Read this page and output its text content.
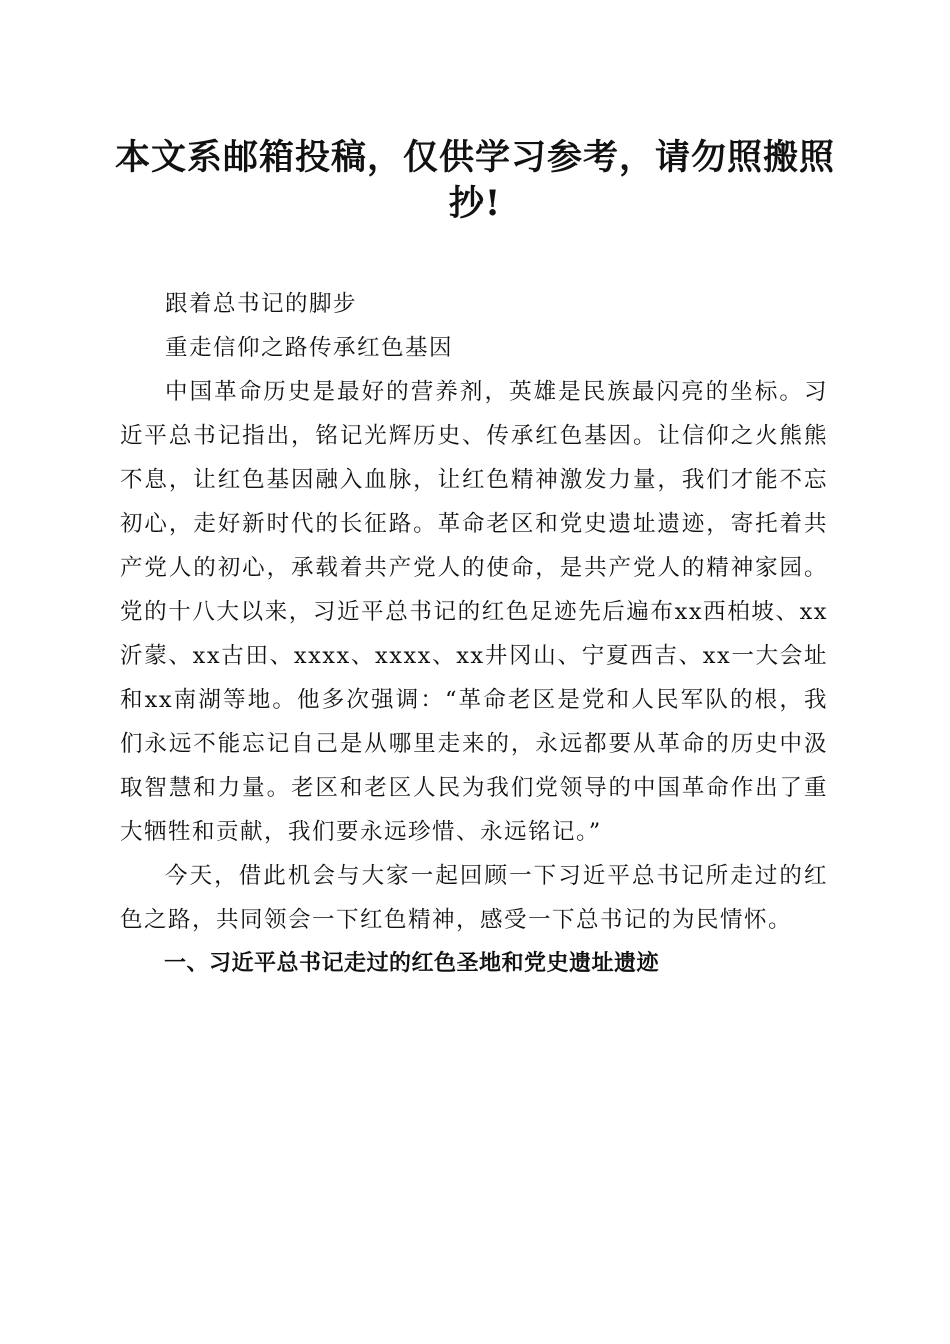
本文系邮箱投稿，仅供学习参考，请勿照搬照抄!

跟着总书记的脚步

重走信仰之路传承红色基因

中国革命历史是最好的营养剂，英雄是民族最闪亮的坐标。习近平总书记指出，铭记光辉历史、传承红色基因。让信仰之火熊熊不息，让红色基因融入血脉，让红色精神激发力量，我们才能不忘初心，走好新时代的长征路。革命老区和党史遗址遗迹，寄托着共产党人的初心，承载着共产党人的使命，是共产党人的精神家园。党的十八大以来，习近平总书记的红色足迹先后遍布xx西柏坡、xx沂蒙、xx古田、xxxx、xxxx、xx井冈山、宁夏西吉、xx一大会址和xx南湖等地。他多次强调：“革命老区是党和人民军队的根，我们永远不能忘记自己是从哪里走来的，永远都要从革命的历史中汲取智慧和力量。老区和老区人民为我们党领导的中国革命作出了重大牺牲和贡献，我们要永远珍惜、永远铭记。”

今天，借此机会与大家一起回顾一下习近平总书记所走过的红色之路，共同领会一下红色精神，感受一下总书记的为民情怀。

一、习近平总书记走过的红色圣地和党史遗址遗迹
